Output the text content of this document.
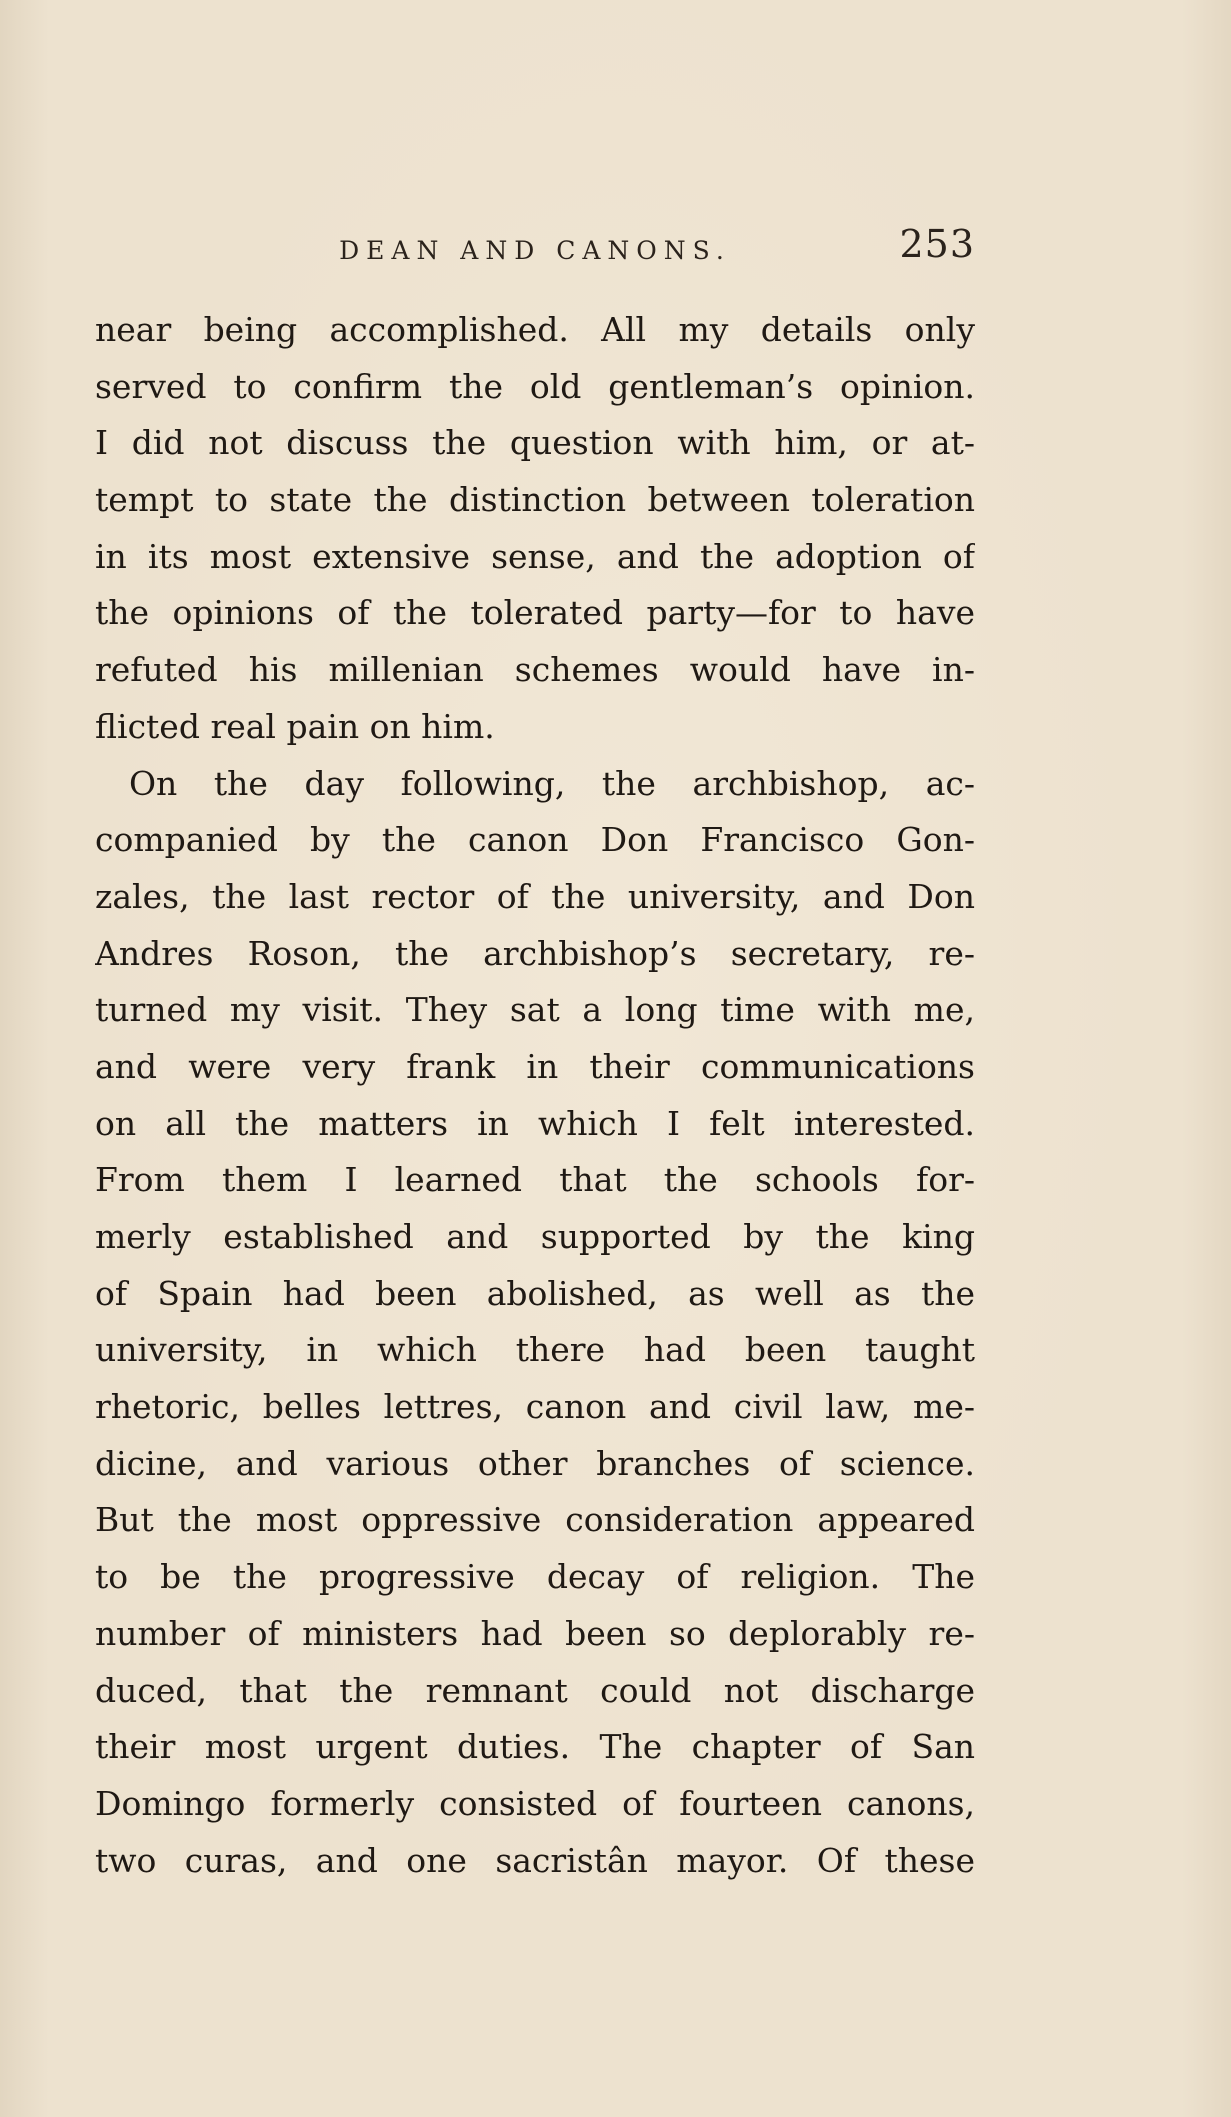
DEAN AND CANONS.	253
near being accomplished. All my details only
served to confirm the old gentleman’s opinion.
I did not discuss the question with him, or at-
tempt to state the distinction between toleration
in its most extensive sense, and the adoption of
the opinions of the tolerated party—for to have
refuted his millenian schemes would have in-
flicted real pain on him.
On the day following, the archbishop, ac-
companied by the canon Don Francisco Gon-
zales, the last rector of the university, and Don
Andres Roson, the archbishop’s secretary, re-
turned my visit. They sat a long time with me,
and were very frank in their communications
on all the matters in which I felt interested.
From them I learned that the schools for-
merly established and supported by the king
of Spain had been abolished, as well as the
university, in which there had been taught
rhetoric, belles lettres, canon and civil law, me-
dicine, and various other branches of science.
But the most oppressive consideration appeared
to be the progressive decay of religion. The
number of ministers had been so deplorably re-
duced, that the remnant could not discharge
their most urgent duties. The chapter of San
Domingo formerly consisted of fourteen canons,
two curas, and one sacristân mayor. Of these
